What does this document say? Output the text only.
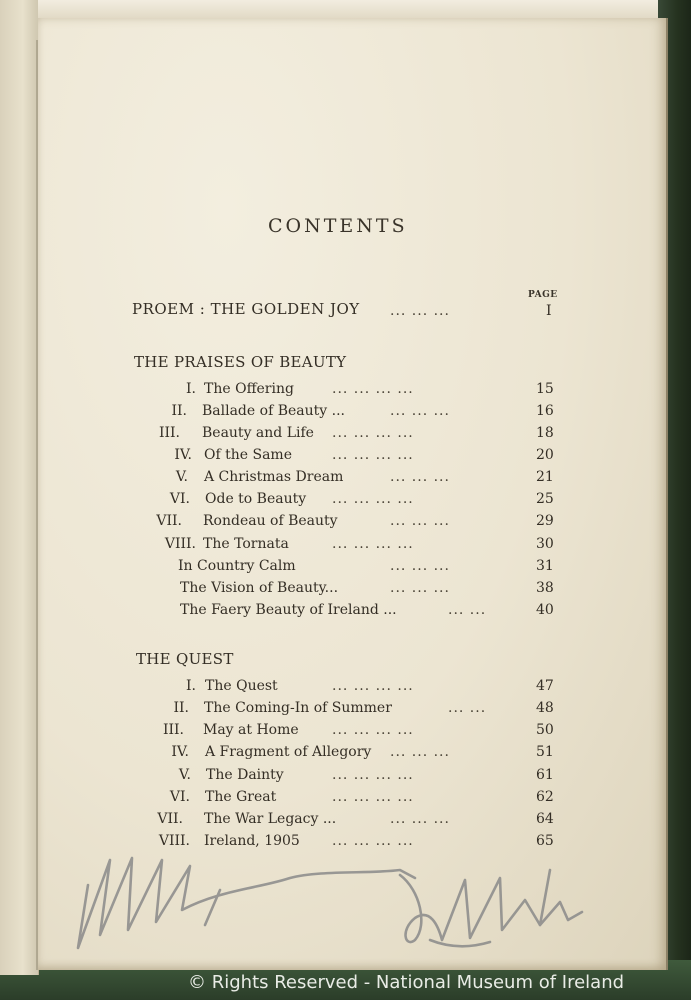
CONTENTS
PAGE
PROEM : THE GOLDEN JOY ... ... ...	I
THE PRAISES OF BEAUTY
I. The Offering	... ... ... ...	15
II. Ballade of Beauty ...	... ... ...	16
III. Beauty and Life ... ... ... ...	18
IV. Of the Same	... ... ... ...	20
V. A Christmas Dream	... ... ...	21
VI. Ode to Beauty ... ... ... ...	25
VII. Rondeau of Beauty	... ... ...	29
VIII. The Tornata	... ... ... ...	30
In Country Calm	... ... ...	31
The Vision of Beauty...	... ... ...	38
The Faery Beauty of Ireland ...	... ...	40
THE QUEST
I. The Quest	... ... ... ...	47
II. The Coming-In of Summer	... ...	48
III. May at Home ... ... ... ...	50
IV. A Fragment of Allegory ... ... ...	51
V. The Dainty	... ... ... ...	61
VI. The Great	... ... ... ...	62
VII. The War Legacy ...	... ... ...	64
VIII. Ireland, 1905 ... ... ... ...	65
© Rights Reserved - National Museum of Ireland
